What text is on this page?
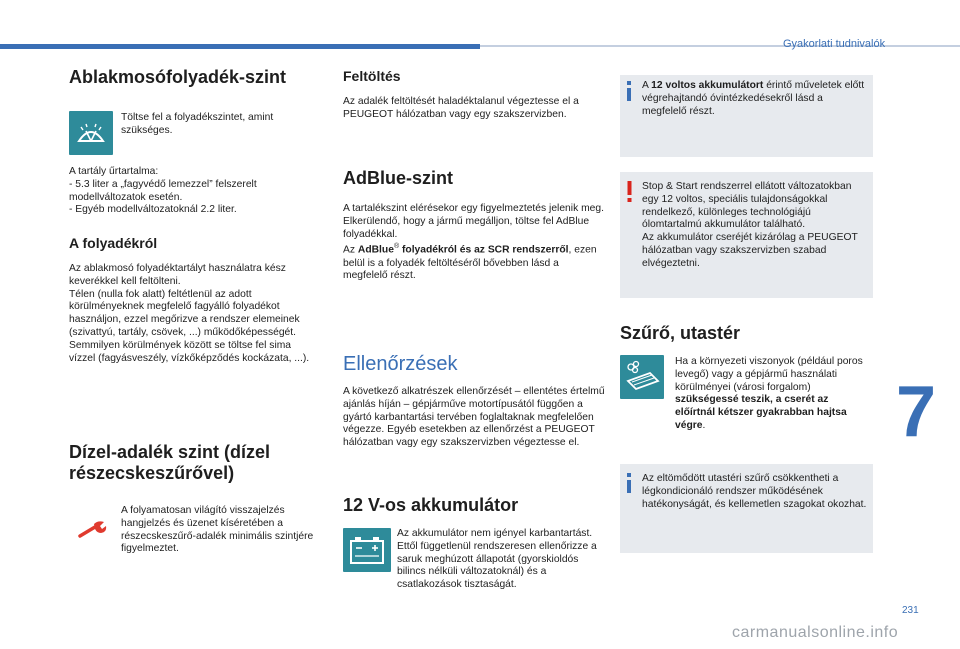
Gyakorlati tudnivalók
Ablakmosófolyadék-szint
Töltse fel a folyadékszintet, amint szükséges.
A tartály űrtartalma:
- 5.3 liter a „fagyvédő lemezzel” felszerelt
modellváltozatok esetén.
- Egyéb modellváltozatoknál 2.2 liter.
A folyadékról
Az ablakmosó folyadéktartályt használatra kész keverékkel kell feltölteni.
Télen (nulla fok alatt) feltétlenül az adott körülményeknek megfelelő fagyálló folyadékot használjon, ezzel megőrizve a rendszer elemeinek (szivattyú, tartály, csövek, ...) működőképességét.
Semmilyen körülmények között se töltse fel sima vízzel (fagyásveszély, vízkőképződés kockázata, ...).
Dízel-adalék szint (dízel részecskeszűrővel)
A folyamatosan világító visszajelzés hangjelzés és üzenet kíséretében a részecskeszűrő-adalék minimális szintjére figyelmeztet.
Feltöltés
Az adalék feltöltését haladéktalanul végeztesse el a PEUGEOT hálózatban vagy egy szakszervizben.
AdBlue-szint
A tartalékszint elérésekor egy figyelmeztetés jelenik meg.
Elkerülendő, hogy a jármű megálljon, töltse fel AdBlue folyadékkal.
Az AdBlue® folyadékról és az SCR rendszerről, ezen belül is a folyadék feltöltéséről bővebben lásd a megfelelő részt.
Ellenőrzések
A következő alkatrészek ellenőrzését – ellentétes értelmű ajánlás híján – gépjárműve motortípusától függően a gyártó karbantartási tervében foglaltaknak megfelelően végezze. Egyéb esetekben az ellenőrzést a PEUGEOT hálózatban vagy egy szakszervizben végeztesse el.
12 V-os akkumulátor
Az akkumulátor nem igényel karbantartást.
Ettől függetlenül rendszeresen ellenőrizze a saruk meghúzott állapotát (gyorskioldós bilincs nélküli változatoknál) és a csatlakozások tisztaságát.
A 12 voltos akkumulátort érintő műveletek előtt végrehajtandó óvintézkedésekről lásd a megfelelő részt.
Stop & Start rendszerrel ellátott változatokban egy 12 voltos, speciális tulajdonságokkal rendelkező, különleges technológiájú ólomtartalmú akkumulátor található.
Az akkumulátor cseréjét kizárólag a PEUGEOT hálózatban vagy szakszervizben szabad elvégeztetni.
Szűrő, utastér
Ha a környezeti viszonyok (például poros levegő) vagy a gépjármű használati körülményei (városi forgalom) szükségessé teszik, a cserét az előírtnál kétszer gyakrabban hajtsa végre.
Az eltömődött utastéri szűrő csökkentheti a légkondicionáló rendszer működésének hatékonyságát, és kellemetlen szagokat okozhat.
7
231
carmanualsonline.info
